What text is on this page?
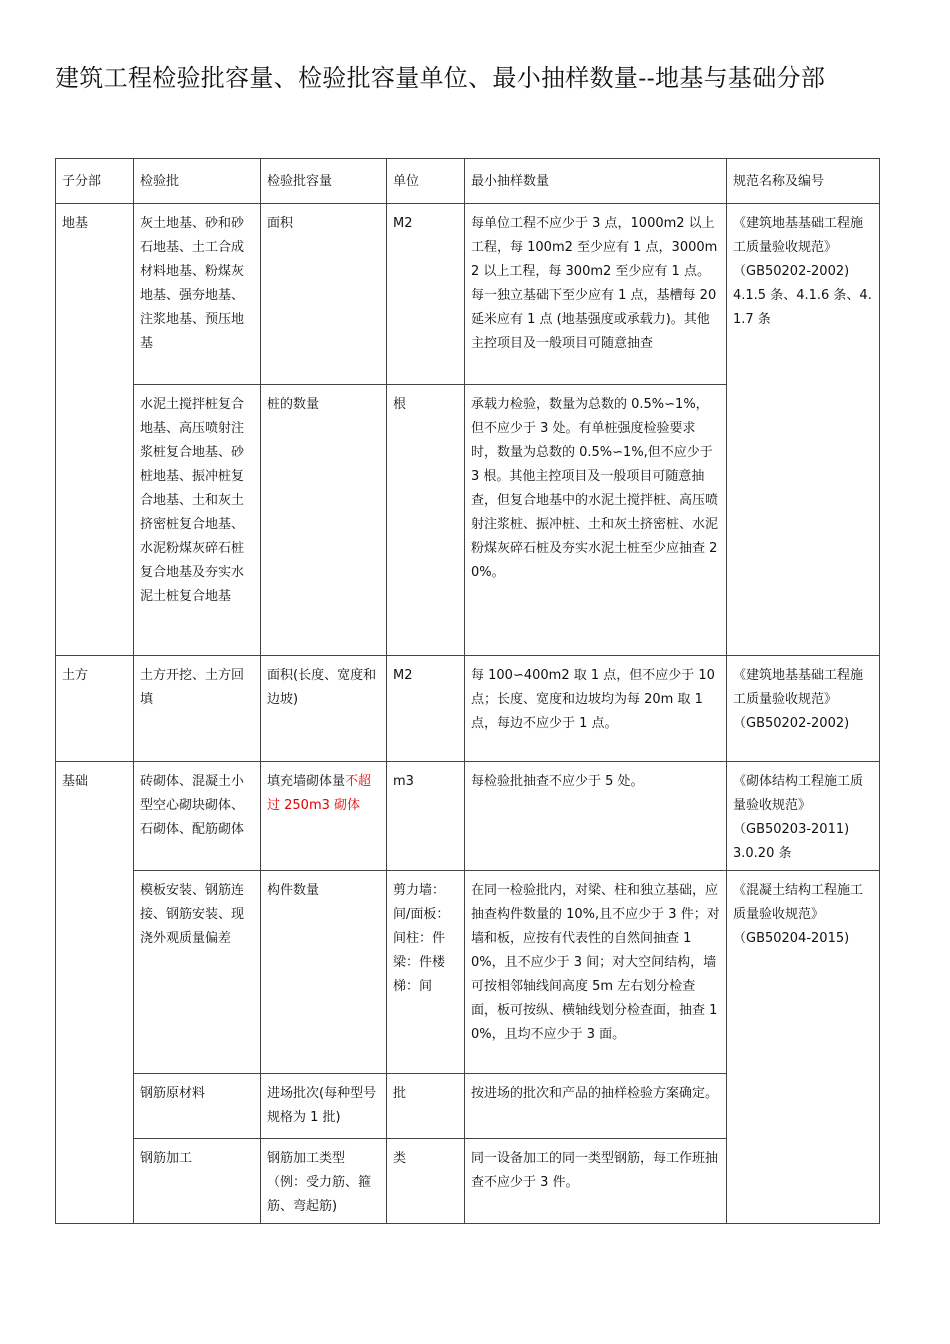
建筑工程检验批容量、检验批容量单位、最小抽样数量--地基与基础分部
子分部	检验批	检验批容量	单位	最小抽样数量	规范名称及编号
地基	灰土地基、砂和砂石地基、土工合成材料地基、粉煤灰地基、强夯地基、注浆地基、预压地基	面积	M2	每单位工程不应少于 3 点，1000m2 以上工程，每 100m2 至少应有 1 点，3000m2 以上工程，每 300m2 至少应有 1 点。每一独立基础下至少应有 1 点，基槽每 20 延米应有 1 点 (地基强度或承载力)。其他主控项目及一般项目可随意抽查	《建筑地基基础工程施工质量验收规范》
（GB50202-2002)
4.1.5 条、4.1.6 条、4.1.7 条
	水泥土搅拌桩复合地基、高压喷射注浆桩复合地基、砂桩地基、振冲桩复合地基、土和灰土挤密桩复合地基、水泥粉煤灰碎石桩复合地基及夯实水泥土桩复合地基	桩的数量	根	承载力检验，数量为总数的 0.5%∽1%，但不应少于 3 处。有单桩强度检验要求时，数量为总数的 0.5%∽1%,但不应少于 3 根。其他主控项目及一般项目可随意抽查，但复合地基中的水泥土搅拌桩、高压喷射注浆桩、振冲桩、土和灰土挤密桩、水泥粉煤灰碎石桩及夯实水泥土桩至少应抽查 20%。	
土方	土方开挖、土方回填	面积(长度、宽度和边坡)	M2	每 100∽400m2 取 1 点，但不应少于 10 点；长度、宽度和边坡均为每 20m 取 1 点，每边不应少于 1 点。	《建筑地基基础工程施工质量验收规范》
（GB50202-2002)
基础	砖砌体、混凝土小型空心砌块砌体、石砌体、配筋砌体	填充墙砌体量不超过 250m3 砌体	m3	每检验批抽查不应少于 5 处。	《砌体结构工程施工质量验收规范》
（GB50203-2011)
3.0.20 条
	模板安装、钢筋连接、钢筋安装、现浇外观质量偏差	构件数量	剪力墙：间/面板：间柱：件梁：件楼梯：间	在同一检验批内，对梁、柱和独立基础，应抽查构件数量的 10%,且不应少于 3 件；对墙和板，应按有代表性的自然间抽查 10%，且不应少于 3 间；对大空间结构，墙可按相邻轴线间高度 5m 左右划分检查面，板可按纵、横轴线划分检查面，抽查 10%，且均不应少于 3 面。	《混凝土结构工程施工质量验收规范》
（GB50204-2015)
	钢筋原材料	进场批次(每种型号规格为 1 批)	批	按进场的批次和产品的抽样检验方案确定。	
	钢筋加工	钢筋加工类型（例：受力筋、箍筋、弯起筋)	类	同一设备加工的同一类型钢筋，每工作班抽查不应少于 3 件。	
